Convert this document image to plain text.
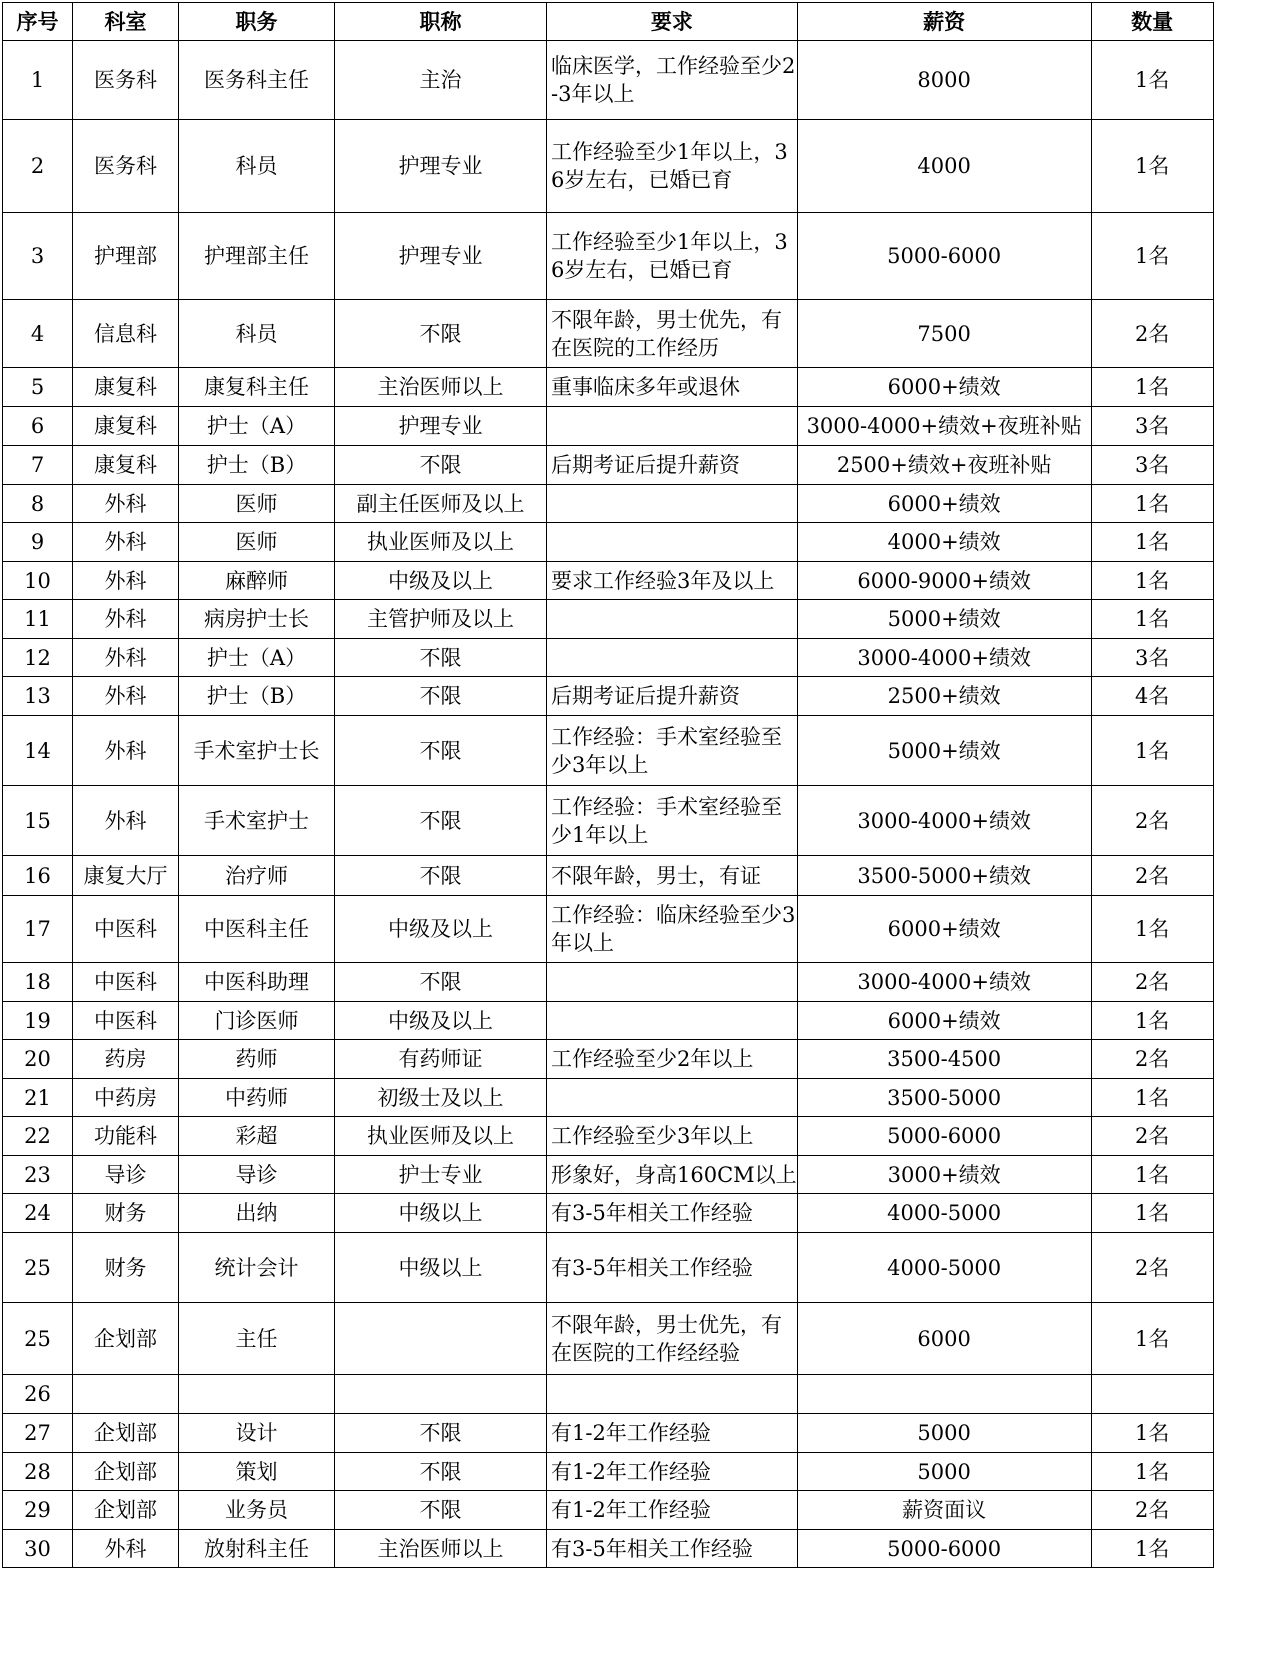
序号	科室	职务	职称	要求	薪资	数量
1	医务科	医务科主任	主治	临床医学，工作经验至少2-3年以上	8000	1名
2	医务科	科员	护理专业	工作经验至少1年以上，36岁左右，已婚已育	4000	1名
3	护理部	护理部主任	护理专业	工作经验至少1年以上，36岁左右，已婚已育	5000-6000	1名
4	信息科	科员	不限	不限年龄，男士优先，有在医院的工作经历	7500	2名
5	康复科	康复科主任	主治医师以上	重事临床多年或退休	6000+绩效	1名
6	康复科	护士（A）	护理专业		3000-4000+绩效+夜班补贴	3名
7	康复科	护士（B）	不限	后期考证后提升薪资	2500+绩效+夜班补贴	3名
8	外科	医师	副主任医师及以上		6000+绩效	1名
9	外科	医师	执业医师及以上		4000+绩效	1名
10	外科	麻醉师	中级及以上	要求工作经验3年及以上	6000-9000+绩效	1名
11	外科	病房护士长	主管护师及以上		5000+绩效	1名
12	外科	护士（A）	不限		3000-4000+绩效	3名
13	外科	护士（B）	不限	后期考证后提升薪资	2500+绩效	4名
14	外科	手术室护士长	不限	工作经验：手术室经验至少3年以上	5000+绩效	1名
15	外科	手术室护士	不限	工作经验：手术室经验至少1年以上	3000-4000+绩效	2名
16	康复大厅	治疗师	不限	不限年龄，男士，有证	3500-5000+绩效	2名
17	中医科	中医科主任	中级及以上	工作经验：临床经验至少3年以上	6000+绩效	1名
18	中医科	中医科助理	不限		3000-4000+绩效	2名
19	中医科	门诊医师	中级及以上		6000+绩效	1名
20	药房	药师	有药师证	工作经验至少2年以上	3500-4500	2名
21	中药房	中药师	初级士及以上		3500-5000	1名
22	功能科	彩超	执业医师及以上	工作经验至少3年以上	5000-6000	2名
23	导诊	导诊	护士专业	形象好，身高160CM以上	3000+绩效	1名
24	财务	出纳	中级以上	有3-5年相关工作经验	4000-5000	1名
25	财务	统计会计	中级以上	有3-5年相关工作经验	4000-5000	2名
25	企划部	主任		不限年龄，男士优先，有在医院的工作经经验	6000	1名
26						
27	企划部	设计	不限	有1-2年工作经验	5000	1名
28	企划部	策划	不限	有1-2年工作经验	5000	1名
29	企划部	业务员	不限	有1-2年工作经验	薪资面议	2名
30	外科	放射科主任	主治医师以上	有3-5年相关工作经验	5000-6000	1名
